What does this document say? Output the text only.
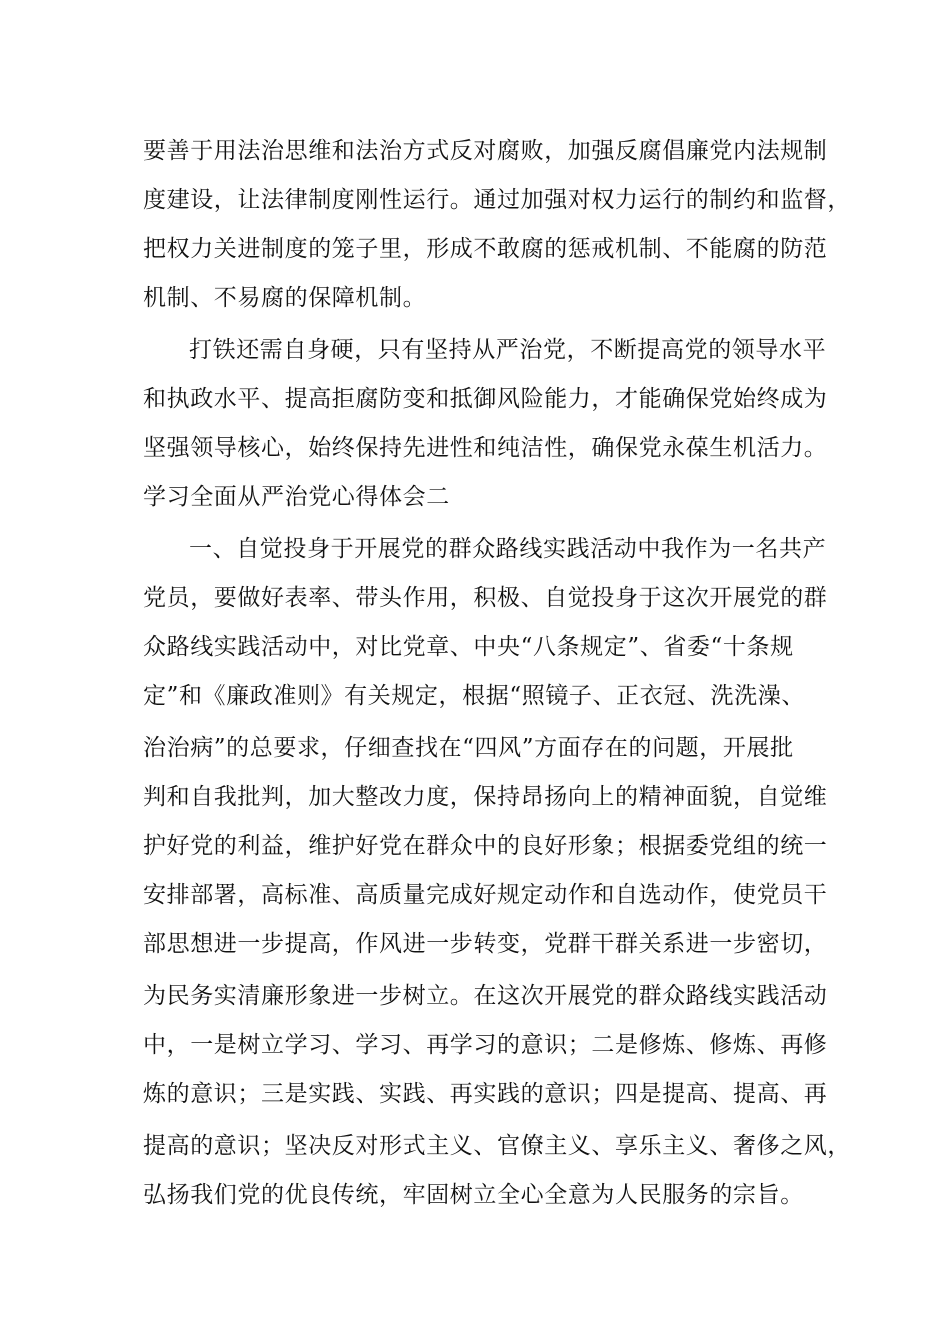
要善于用法治思维和法治方式反对腐败，加强反腐倡廉党内法规制
度建设，让法律制度刚性运行。通过加强对权力运行的制约和监督，
把权力关进制度的笼子里，形成不敢腐的惩戒机制、不能腐的防范
机制、不易腐的保障机制。
打铁还需自身硬，只有坚持从严治党，不断提高党的领导水平
和执政水平、提高拒腐防变和抵御风险能力，才能确保党始终成为
坚强领导核心，始终保持先进性和纯洁性，确保党永葆生机活力。
学习全面从严治党心得体会二
一、自觉投身于开展党的群众路线实践活动中我作为一名共产
党员，要做好表率、带头作用，积极、自觉投身于这次开展党的群
众路线实践活动中，对比党章、中央“八条规定”、省委“十条规
定”和《廉政准则》有关规定，根据“照镜子、正衣冠、洗洗澡、
治治病”的总要求，仔细查找在“四风”方面存在的问题，开展批
判和自我批判，加大整改力度，保持昂扬向上的精神面貌，自觉维
护好党的利益，维护好党在群众中的良好形象；根据委党组的统一
安排部署，高标准、高质量完成好规定动作和自选动作，使党员干
部思想进一步提高，作风进一步转变，党群干群关系进一步密切，
为民务实清廉形象进一步树立。在这次开展党的群众路线实践活动
中，一是树立学习、学习、再学习的意识；二是修炼、修炼、再修
炼的意识；三是实践、实践、再实践的意识；四是提高、提高、再
提高的意识；坚决反对形式主义、官僚主义、享乐主义、奢侈之风，
弘扬我们党的优良传统，牢固树立全心全意为人民服务的宗旨。
